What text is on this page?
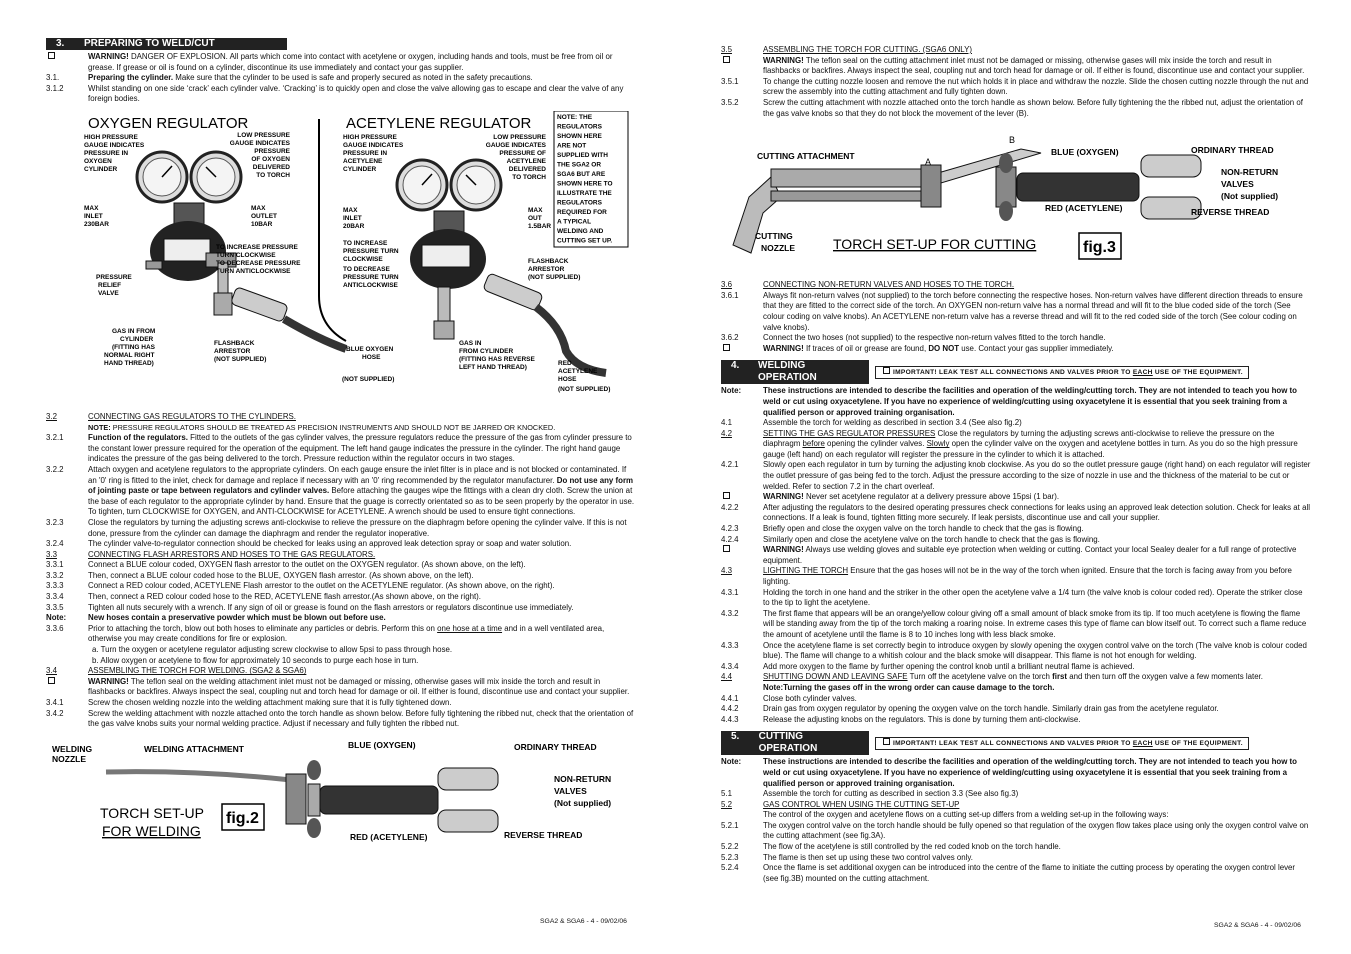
3.	PREPARING TO WELD/CUT
WARNING! DANGER OF EXPLOSION. All parts which come into contact with acetylene or oxygen, including hands and tools, must be free from oil or grease. If grease or oil is found on a cylinder, discontinue its use immediately and contact your gas supplier.
3.1.	Preparing the cylinder. Make sure that the cylinder to be used is safe and properly secured as noted in the safety precautions.
3.1.2	Whilst standing on one side ‘crack’ each cylinder valve. ‘Cracking’ is to quickly open and close the valve allowing gas to escape and clear the valve of any foreign bodies.
OXYGEN REGULATOR
HIGH PRESSURE
GAUGE INDICATES
PRESSURE IN
OXYGEN
CYLINDER
LOW PRESSURE
GAUGE INDICATES
PRESSURE
OF OXYGEN
DELIVERED
TO TORCH
MAX
INLET
230BAR
MAX
OUTLET
10BAR
TO INCREASE PRESSURE
TURN CLOCKWISE
TO DECREASE PRESSURE
TURN ANTICLOCKWISE
PRESSURE
RELIEF
VALVE
GAS IN FROM
CYLINDER
(FITTING HAS
NORMAL RIGHT
HAND THREAD)
FLASHBACK
ARRESTOR
(NOT SUPPLIED)
BLUE OXYGEN
HOSE
(NOT SUPPLIED)
ACETYLENE REGULATOR
HIGH PRESSURE
GAUGE INDICATES
PRESSURE IN
ACETYLENE
CYLINDER
LOW PRESSURE
GAUGE INDICATES
PRESSURE OF
ACETYLENE
DELIVERED
TO TORCH
MAX
INLET
20BAR
MAX
OUT
1.5BAR
TO INCREASE
PRESSURE TURN
CLOCKWISE
TO DECREASE
PRESSURE TURN
ANTICLOCKWISE
FLASHBACK
ARRESTOR
(NOT SUPPLIED)
GAS IN
FROM CYLINDER
(FITTING HAS REVERSE
LEFT HAND THREAD)
RED
ACETYLENE
HOSE
(NOT SUPPLIED)
NOTE: THE
REGULATORS
SHOWN HERE
ARE NOT
SUPPLIED WITH
THE SGA2 OR
SGA6 BUT ARE
SHOWN HERE TO
ILLUSTRATE THE
REGULATORS
REQUIRED FOR
A TYPICAL
WELDING AND
CUTTING SET UP.
3.2	CONNECTING GAS REGULATORS TO THE CYLINDERS.
NOTE: PRESSURE REGULATORS SHOULD BE TREATED AS PRECISION INSTRUMENTS AND SHOULD NOT BE JARRED OR KNOCKED.
3.2.1	Function of the regulators. Fitted to the outlets of the gas cylinder valves, the pressure regulators reduce the pressure of the gas from cylinder pressure to the constant lower pressure required for the operation of the equipment. The left hand gauge indicates the pressure in the cylinder. The right hand gauge indicates the pressure of the gas being delivered to the torch. Pressure reduction within the regulator occurs in two stages.
3.2.2	Attach oxygen and acetylene regulators to the appropriate cylinders. On each gauge ensure the inlet filter is in place and is not blocked or contaminated. If an '0' ring is fitted to the inlet, check for damage and replace if necessary with an '0' ring recommended by the regulator manufacturer. Do not use any form of jointing paste or tape between regulators and cylinder valves. Before attaching the gauges wipe the fittings with a clean dry cloth. Screw the union at the base of each regulator to the appropriate cylinder by hand. Ensure that the guage is correctly orientated so as to be seen properly by the operator in use. To tighten, turn CLOCKWISE for OXYGEN, and ANTI-CLOCKWISE for ACETYLENE. A wrench should be used to ensure tight connections.
3.2.3	Close the regulators by turning the adjusting screws anti-clockwise to relieve the pressure on the diaphragm before opening the cylinder valve. If this is not done, pressure from the cylinder can damage the diaphragm and render the regulator inoperative.
3.2.4	The cylinder valve-to-regulator connection should be checked for leaks using an approved leak detection spray or soap and water solution.
3.3	CONNECTING FLASH ARRESTORS AND HOSES TO THE GAS REGULATORS.
3.3.1	Connect a BLUE colour coded, OXYGEN flash arrestor to the outlet on the OXYGEN regulator. (As shown above, on the left).
3.3.2	Then, connect a BLUE colour coded hose to the BLUE, OXYGEN flash arrestor. (As shown above, on the left).
3.3.3	Connect a RED colour coded, ACETYLENE Flash arrestor to the outlet on the ACETYLENE regulator. (As shown above, on the right).
3.3.4	Then, connect a RED colour coded hose to the RED, ACETYLENE flash arrestor.(As shown above, on the right).
3.3.5	Tighten all nuts securely with a wrench. If any sign of oil or grease is found on the flash arrestors or regulators discontinue use immediately.
Note:	New hoses contain a preservative powder which must be blown out before use.
3.3.6	Prior to attaching the torch, blow out both hoses to eliminate any particles or debris. Perform this on one hose at a time and in a well ventilated area, otherwise you may create conditions for fire or explosion.
a. Turn the oxygen or acetylene regulator adjusting screw clockwise to allow 5psi to pass through hose.
b. Allow oxygen or acetylene to flow for approximately 10 seconds to purge each hose in turn.
3.4	ASSEMBLING THE TORCH FOR WELDING. (SGA2 & SGA6)
WARNING! The teflon seal on the welding attachment inlet must not be damaged or missing, otherwise gases will mix inside the torch and result in flashbacks or backfires. Always inspect the seal, coupling nut and torch head for damage or oil. If either is found, discontinue use and contact your supplier.
3.4.1	Screw the chosen welding nozzle into the welding attachment making sure that it is fully tightened down.
3.4.2	Screw the welding attachment with nozzle attached onto the torch handle as shown below. Before fully tightening the ribbed nut, check that the orientation of the gas valve knobs suits your normal welding practice. Adjust if necessary and fully tighten the ribbed nut.
WELDING
NOZZLE
WELDING ATTACHMENT	BLUE (OXYGEN)	ORDINARY THREAD
NON-RETURN
VALVES
(Not supplied)
RED (ACETYLENE)	REVERSE THREAD
TORCH SET-UP
FOR WELDING
fig.2
SGA2 & SGA6 - 4 - 09/02/06
3.5	ASSEMBLING THE TORCH FOR CUTTING. (SGA6 ONLY)
WARNING! The teflon seal on the cutting attachment inlet must not be damaged or missing, otherwise gases will mix inside the torch and result in flashbacks or backfires. Always inspect the seal, coupling nut and torch head for damage or oil. If either is found, discontinue use and contact your supplier.
3.5.1	To change the cutting nozzle loosen and remove the nut which holds it in place and withdraw the nozzle. Slide the chosen cutting nozzle through the nut and screw the assembly into the cutting attachment and fully tighten down.
3.5.2	Screw the cutting attachment with nozzle attached onto the torch handle as shown below. Before fully tightening the the ribbed nut, adjust the orientation of the gas valve knobs so that they do not block the movement of the lever (B).
A
B
CUTTING ATTACHMENT	BLUE (OXYGEN)	ORDINARY THREAD
NON-RETURN
VALVES
(Not supplied)
RED (ACETYLENE)	REVERSE THREAD
CUTTING
NOZZLE	TORCH SET-UP FOR CUTTING	fig.3
3.6	CONNECTING NON-RETURN VALVES AND HOSES TO THE TORCH.
3.6.1	Always fit non-return valves (not supplied) to the torch before connecting the respective hoses. Non-return valves have different direction threads to ensure that they are fitted to the correct side of the torch. An OXYGEN non-return valve has a normal thread and will fit to the blue coded side of the torch (See colour coding on valve knobs). An ACETYLENE non-return valve has a reverse thread and will fit to the red coded side of the torch (See colour coding on valve knobs).
3.6.2	Connect the two hoses (not supplied) to the respective non-return valves fitted to the torch handle.
WARNING! If traces of oil or grease are found, DO NOT use. Contact your gas supplier immediately.
4.	WELDING OPERATION	IMPORTANT! LEAK TEST ALL CONNECTIONS AND VALVES PRIOR TO EACH USE OF THE EQUIPMENT.
Note:	These instructions are intended to describe the facilities and operation of the welding/cutting torch. They are not intended to teach you how to weld or cut using oxyacetylene. If you have no experience of welding/cutting using oxyacetylene it is essential that you seek training from a qualified person or approved training organisation.
4.1	Assemble the torch for welding as described in section 3.4 (See also fig.2)
4.2	SETTING THE GAS REGULATOR PRESSURES Close the regulators by turning the adjusting screws anti-clockwise to relieve the pressure on the diaphragm before opening the cylinder valves. Slowly open the cylinder valve on the oxygen and acetylene bottles in turn. As you do so the high pressure gauge (left hand) on each regulator will register the pressure in the cylinder to which it is attached.
4.2.1	Slowly open each regulator in turn by turning the adjusting knob clockwise. As you do so the outlet pressure gauge (right hand) on each regulator will register the outlet pressure of gas being fed to the torch. Adjust the pressure according to the size of nozzle in use and the thickness of the material to be cut or welded. Refer to section 7.2 in the chart overleaf.
WARNING! Never set acetylene regulator at a delivery pressure above 15psi (1 bar).
4.2.2	After adjusting the regulators to the desired operating pressures check connections for leaks using an approved leak detection solution. Check for leaks at all connections. If a leak is found, tighten fitting more securely. If leak persists, discontinue use and call your supplier.
4.2.3	Briefly open and close the oxygen valve on the torch handle to check that the gas is flowing.
4.2.4	Similarly open and close the acetylene valve on the torch handle to check that the gas is flowing.
WARNING! Always use welding gloves and suitable eye protection when welding or cutting. Contact your local Sealey dealer for a full range of protective equipment.
4.3	LIGHTING THE TORCH Ensure that the gas hoses will not be in the way of the torch when ignited. Ensure that the torch is facing away from you before lighting.
4.3.1	Holding the torch in one hand and the striker in the other open the acetylene valve a 1/4 turn (the valve knob is colour coded red). Operate the striker close to the tip to light the acetylene.
4.3.2	The first flame that appears will be an orange/yellow colour giving off a small amount of black smoke from its tip. If too much acetylene is flowing the flame will be standing away from the tip of the torch making a roaring noise. In extreme cases this type of flame can blow itself out. To correct such a flame reduce the amount of acetylene until the flame is 8 to 10 inches long with less black smoke.
4.3.3	Once the acetylene flame is set correctly begin to introduce oxygen by slowly opening the oxygen control valve on the torch (The valve knob is colour coded blue). The flame will change to a whitish colour and the black smoke will disappear. This flame is not hot enough for welding.
4.3.4	Add more oxygen to the flame by further opening the control knob until a brilliant neutral flame is achieved.
4.4	SHUTTING DOWN AND LEAVING SAFE Turn off the acetylene valve on the torch first and then turn off the oxygen valve a few moments later. Note:Turning the gases off in the wrong order can cause damage to the torch.
4.4.1	Close both cylinder valves.
4.4.2	Drain gas from oxygen regulator by opening the oxygen valve on the torch handle. Similarly drain gas from the acetylene regulator.
4.4.3	Release the adjusting knobs on the regulators. This is done by turning them anti-clockwise.
5.	CUTTING OPERATION	IMPORTANT! LEAK TEST ALL CONNECTIONS AND VALVES PRIOR TO EACH USE OF THE EQUIPMENT.
Note:	These instructions are intended to describe the facilities and operation of the welding/cutting torch. They are not intended to teach you how to weld or cut using oxyacetylene. If you have no experience of welding/cutting using oxyacetylene it is essential that you seek training from a qualified person or approved training organisation.
5.1	Assemble the torch for cutting as described in section 3.3 (See also fig.3)
5.2	GAS CONTROL WHEN USING THE CUTTING SET-UP
The control of the oxygen and acetylene flows on a cutting set-up differs from a welding set-up in the following ways:
5.2.1	The oxygen control valve on the torch handle should be fully opened so that regulation of the oxygen flow takes place using only the oxygen control valve on the cutting attachment (see fig.3A).
5.2.2	The flow of the acetylene is still controlled by the red coded knob on the torch handle.
5.2.3	The flame is then set up using these two control valves only.
5.2.4	Once the flame is set additional oxygen can be introduced into the centre of the flame to initiate the cutting process by operating the oxygen control lever (see fig.3B) mounted on the cutting attachment.
SGA2 & SGA6 - 4 - 09/02/06
